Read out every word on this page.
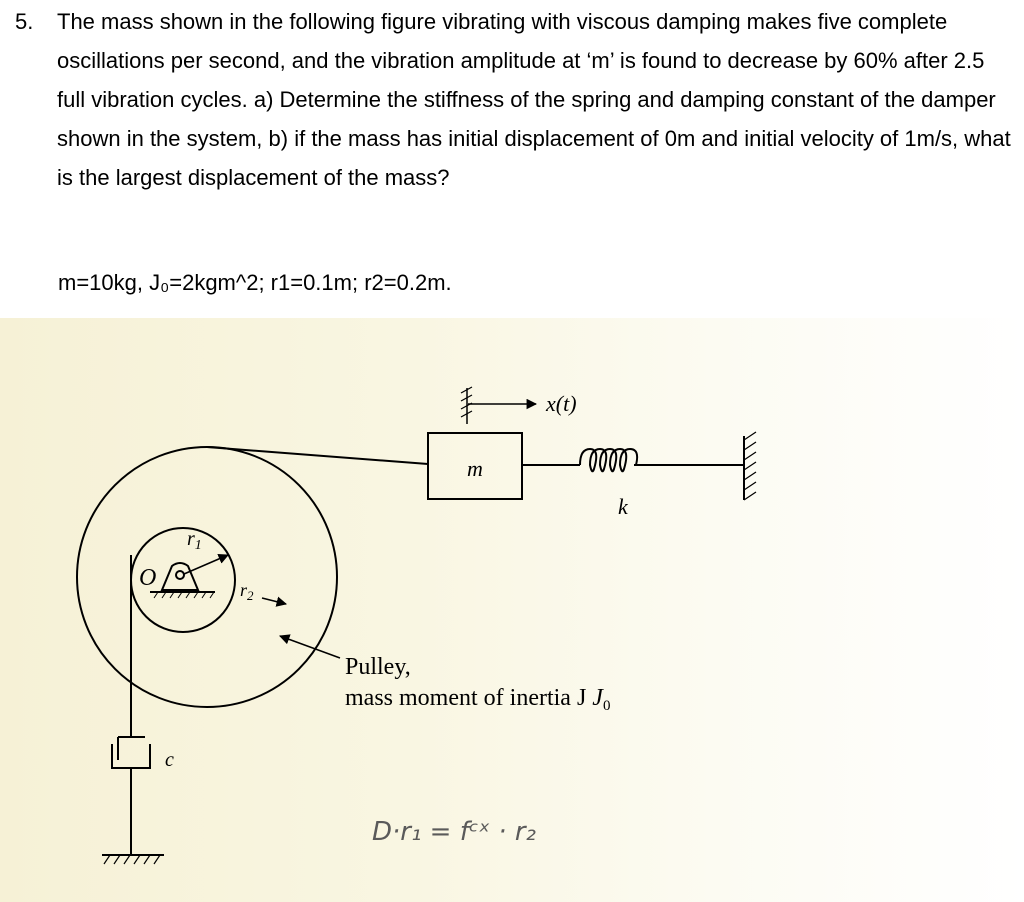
5. The mass shown in the following figure vibrating with viscous damping makes five complete oscillations per second, and the vibration amplitude at ‘m’ is found to decrease by 60% after 2.5 full vibration cycles. a) Determine the stiffness of the spring and damping constant of the damper shown in the system, b) if the mass has initial displacement of 0m and initial velocity of 1m/s, what is the largest displacement of the mass?
m=10kg, J₀=2kgm^2; r1=0.1m; r2=0.2m.
m
x(t)
k
O
$r_1$
$r_2$
Pulley,
mass moment of inertia J $J_0$
c
D·r₁ = fᶜˣ · r₂
